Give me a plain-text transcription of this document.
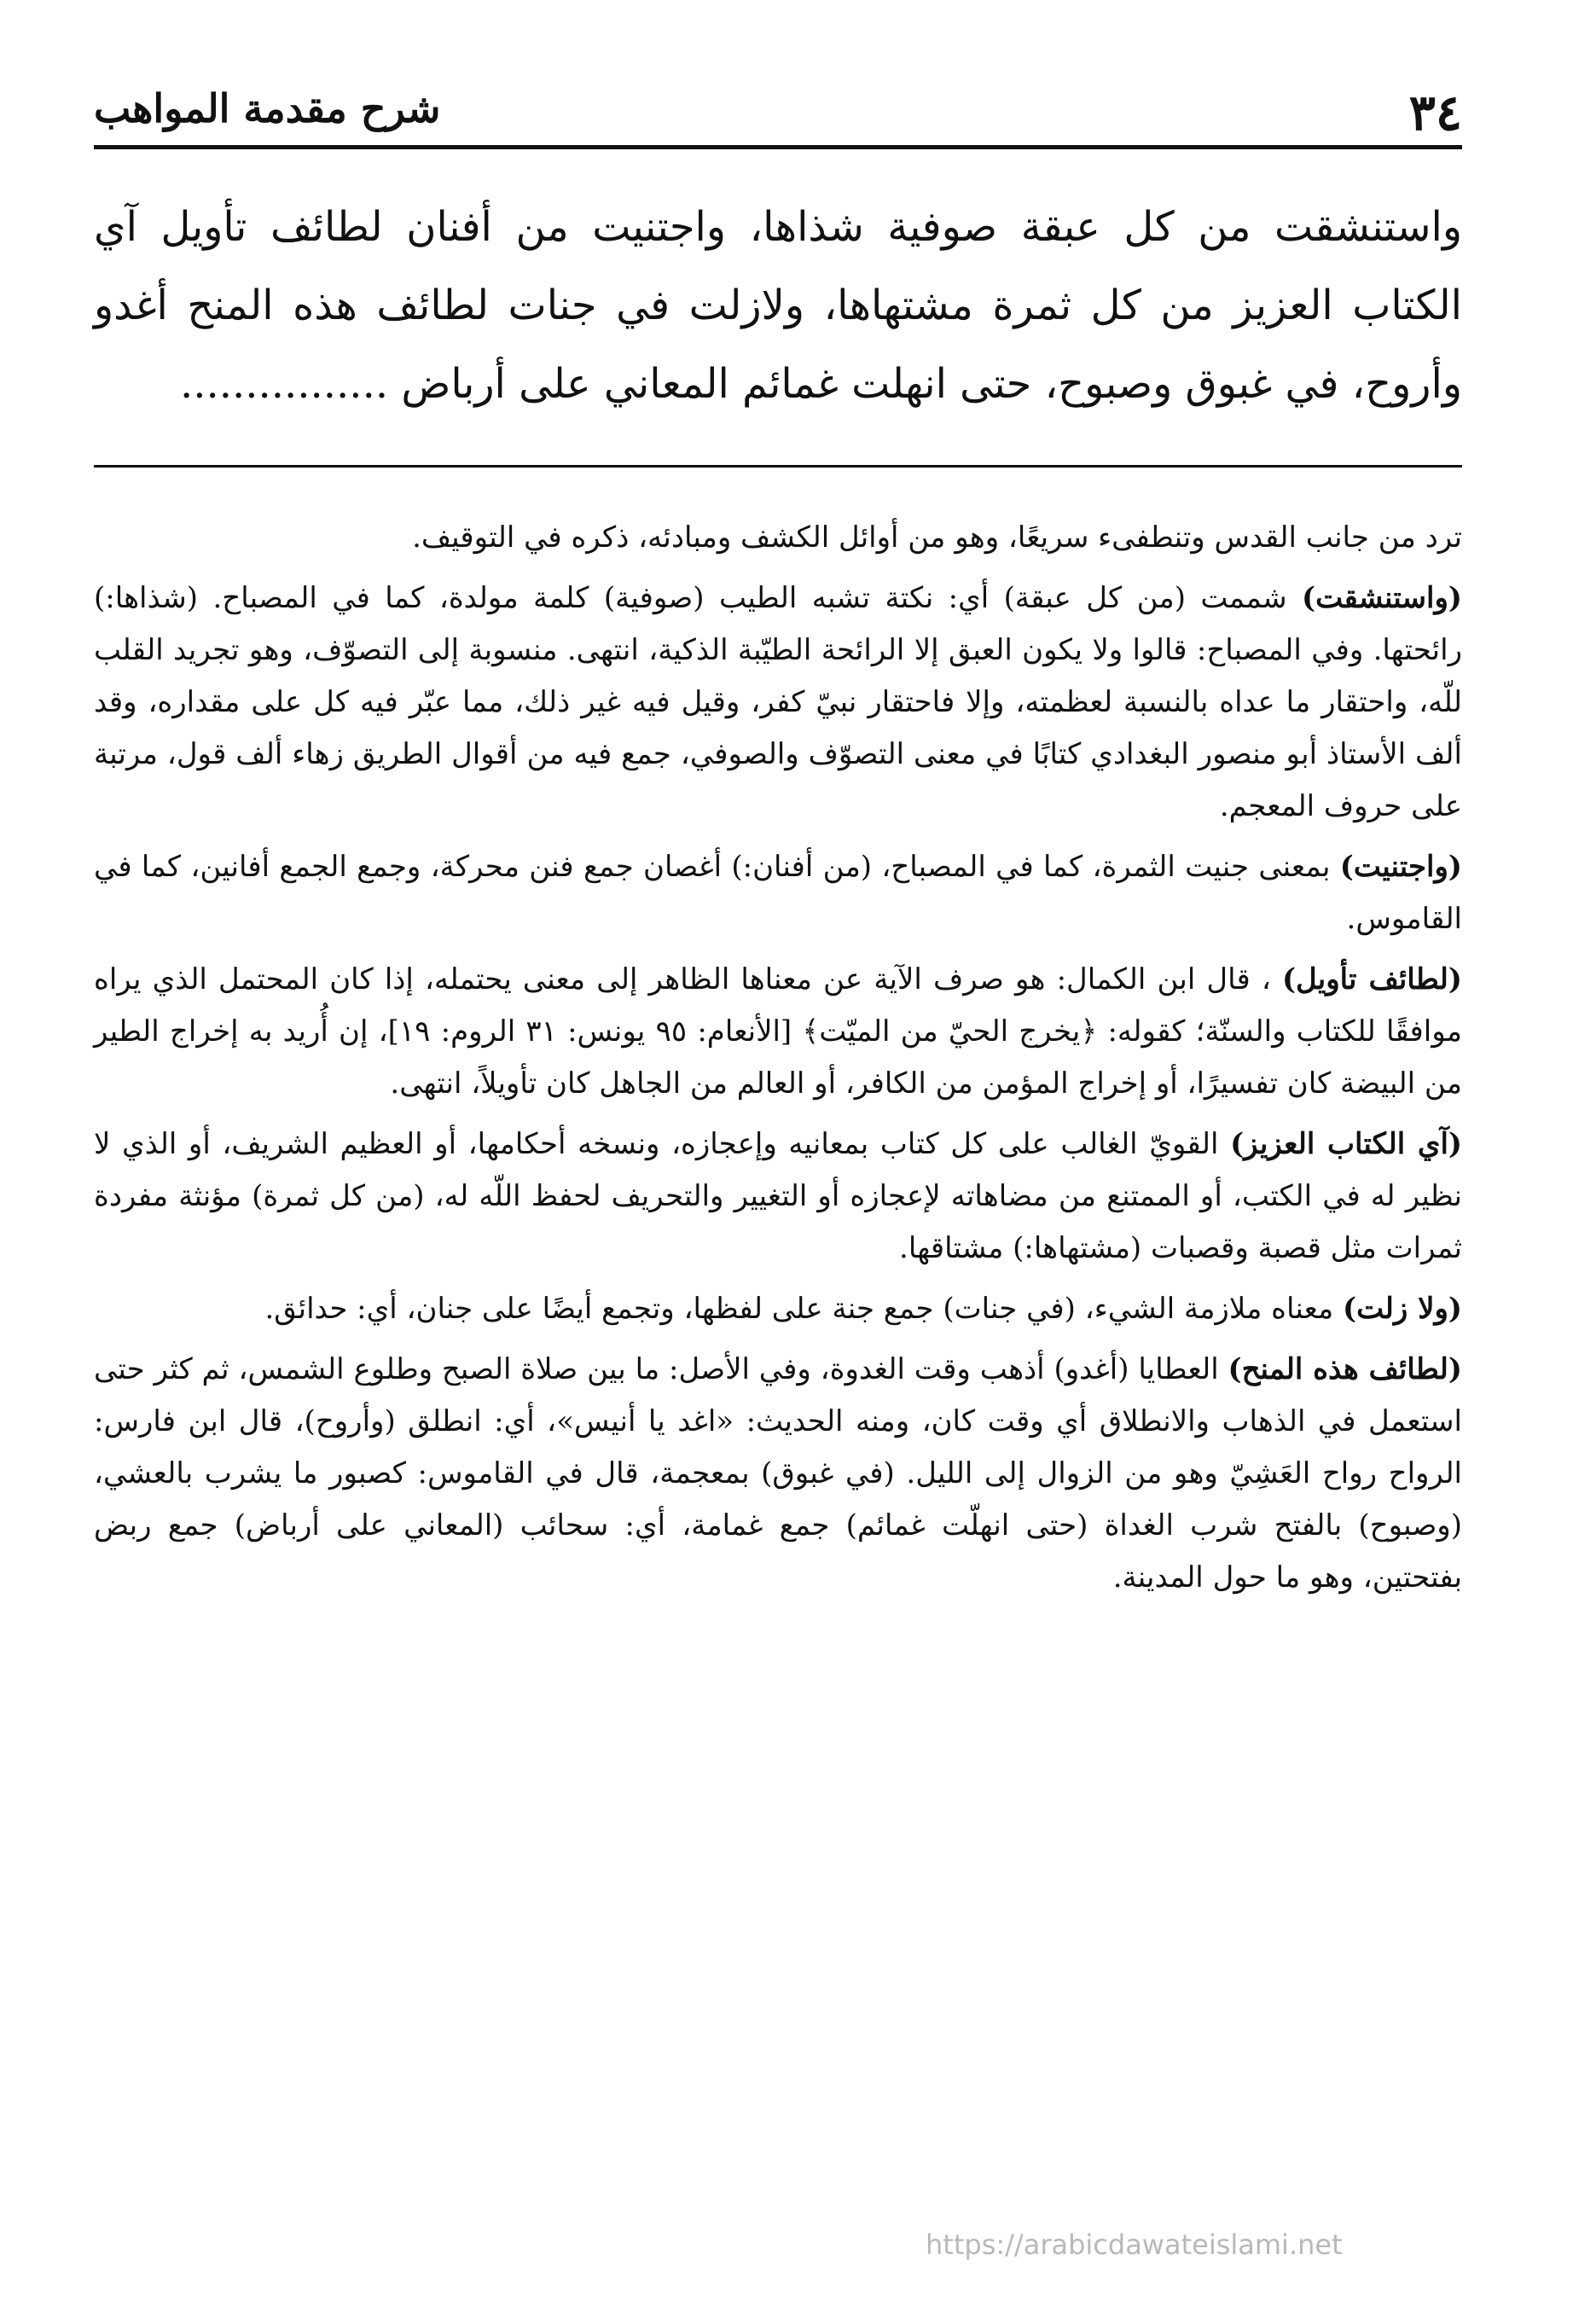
٣٤
شرح مقدمة المواهب

واستنشقت من كل عبقة صوفية شذاها، واجتنيت من أفنان لطائف تأويل آي الكتاب العزيز من كل ثمرة مشتهاها، ولازلت في جنات لطائف هذه المنح أغدو وأروح، في غبوق وصبوح، حتى انهلت غمائم المعاني على أرباض ................

ترد من جانب القدس وتنطفىء سريعًا، وهو من أوائل الكشف ومبادئه، ذكره في التوقيف.

(واستنشقت) شممت (من كل عبقة) أي: نكتة تشبه الطيب (صوفية) كلمة مولدة، كما في المصباح. (شذاها:) رائحتها. وفي المصباح: قالوا ولا يكون العبق إلا الرائحة الطيّبة الذكية، انتهى. منسوبة إلى التصوّف، وهو تجريد القلب للّه، واحتقار ما عداه بالنسبة لعظمته، وإلا فاحتقار نبيّ كفر، وقيل فيه غير ذلك، مما عبّر فيه كل على مقداره، وقد ألف الأستاذ أبو منصور البغدادي كتابًا في معنى التصوّف والصوفي، جمع فيه من أقوال الطريق زهاء ألف قول، مرتبة على حروف المعجم.

(واجتنيت) بمعنى جنيت الثمرة، كما في المصباح، (من أفنان:) أغصان جمع فنن محركة، وجمع الجمع أفانين، كما في القاموس.

(لطائف تأويل) ، قال ابن الكمال: هو صرف الآية عن معناها الظاهر إلى معنى يحتمله، إذا كان المحتمل الذي يراه موافقًا للكتاب والسنّة؛ كقوله: ﴿يخرج الحيّ من الميّت﴾ [الأنعام: ٩٥ يونس: ٣١ الروم: ١٩]، إن أُريد به إخراج الطير من البيضة كان تفسيرًا، أو إخراج المؤمن من الكافر، أو العالم من الجاهل كان تأويلاً، انتهى.

(آي الكتاب العزيز) القويّ الغالب على كل كتاب بمعانيه وإعجازه، ونسخه أحكامها، أو العظيم الشريف، أو الذي لا نظير له في الكتب، أو الممتنع من مضاهاته لإعجازه أو التغيير والتحريف لحفظ اللّه له، (من كل ثمرة) مؤنثة مفردة ثمرات مثل قصبة وقصبات (مشتهاها:) مشتاقها.

(ولا زلت) معناه ملازمة الشيء، (في جنات) جمع جنة على لفظها، وتجمع أيضًا على جنان، أي: حدائق.

(لطائف هذه المنح) العطايا (أغدو) أذهب وقت الغدوة، وفي الأصل: ما بين صلاة الصبح وطلوع الشمس، ثم كثر حتى استعمل في الذهاب والانطلاق أي وقت كان، ومنه الحديث: «اغد يا أنيس»، أي: انطلق (وأروح)، قال ابن فارس: الرواح رواح العَشِيّ وهو من الزوال إلى الليل. (في غبوق) بمعجمة، قال في القاموس: كصبور ما يشرب بالعشي، (وصبوح) بالفتح شرب الغداة (حتى انهلّت غمائم) جمع غمامة، أي: سحائب (المعاني على أرباض) جمع ربض بفتحتين، وهو ما حول المدينة.

https://arabicdawateislami.net
